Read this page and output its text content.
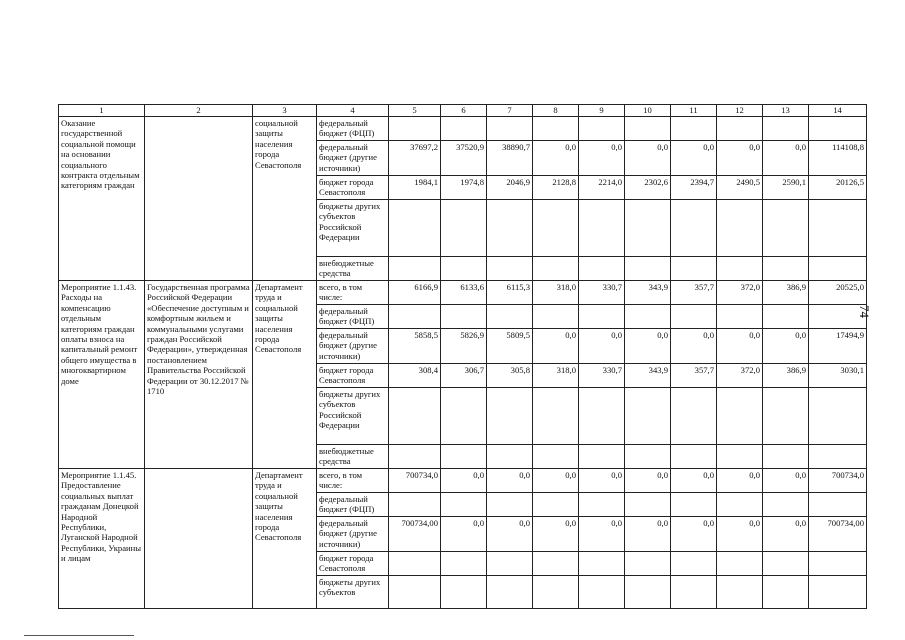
74
1	2	3	4	5	6	7	8	9	10	11	12	13	14
Оказание государственной социальной помощи на основании социального контракта отдельным категориям граждан		социальной защиты населения города Севастополя	федеральный бюджет (ФЦП)										
			федеральный бюджет (другие источники)	37697,2	37520,9	38890,7	0,0	0,0	0,0	0,0	0,0	0,0	114108,8
			бюджет города Севастополя	1984,1	1974,8	2046,9	2128,8	2214,0	2302,6	2394,7	2490,5	2590,1	20126,5
			бюджеты других субъектов Российской Федерации										
			внебюджетные средства										
Мероприятие 1.1.43. Расходы на компенсацию отдельным категориям граждан оплаты взноса на капитальный ремонт общего имущества в многоквартирном доме	Государственная программа Российской Федерации «Обеспечение доступным и комфортным жильем и коммунальными услугами граждан Российской Федерации», утвержденная постановлением Правительства Российской Федерации от 30.12.2017 № 1710	Департамент труда и социальной защиты населения города Севастополя	всего, в том числе:	6166,9	6133,6	6115,3	318,0	330,7	343,9	357,7	372,0	386,9	20525,0
			федеральный бюджет (ФЦП)										
			федеральный бюджет (другие источники)	5858,5	5826,9	5809,5	0,0	0,0	0,0	0,0	0,0	0,0	17494,9
			бюджет города Севастополя	308,4	306,7	305,8	318,0	330,7	343,9	357,7	372,0	386,9	3030,1
			бюджеты других субъектов Российской Федерации										
			внебюджетные средства										
Мероприятие 1.1.45. Предоставление социальных выплат гражданам Донецкой Народной Республики, Луганской Народной Республики, Украины и лицам		Департамент труда и социальной защиты населения города Севастополя	всего, в том числе:	700734,0	0,0	0,0	0,0	0,0	0,0	0,0	0,0	0,0	700734,0
			федеральный бюджет (ФЦП)										
			федеральный бюджет (другие источники)	700734,00	0,0	0,0	0,0	0,0	0,0	0,0	0,0	0,0	700734,00
			бюджет города Севастополя										
			бюджеты других субъектов										
